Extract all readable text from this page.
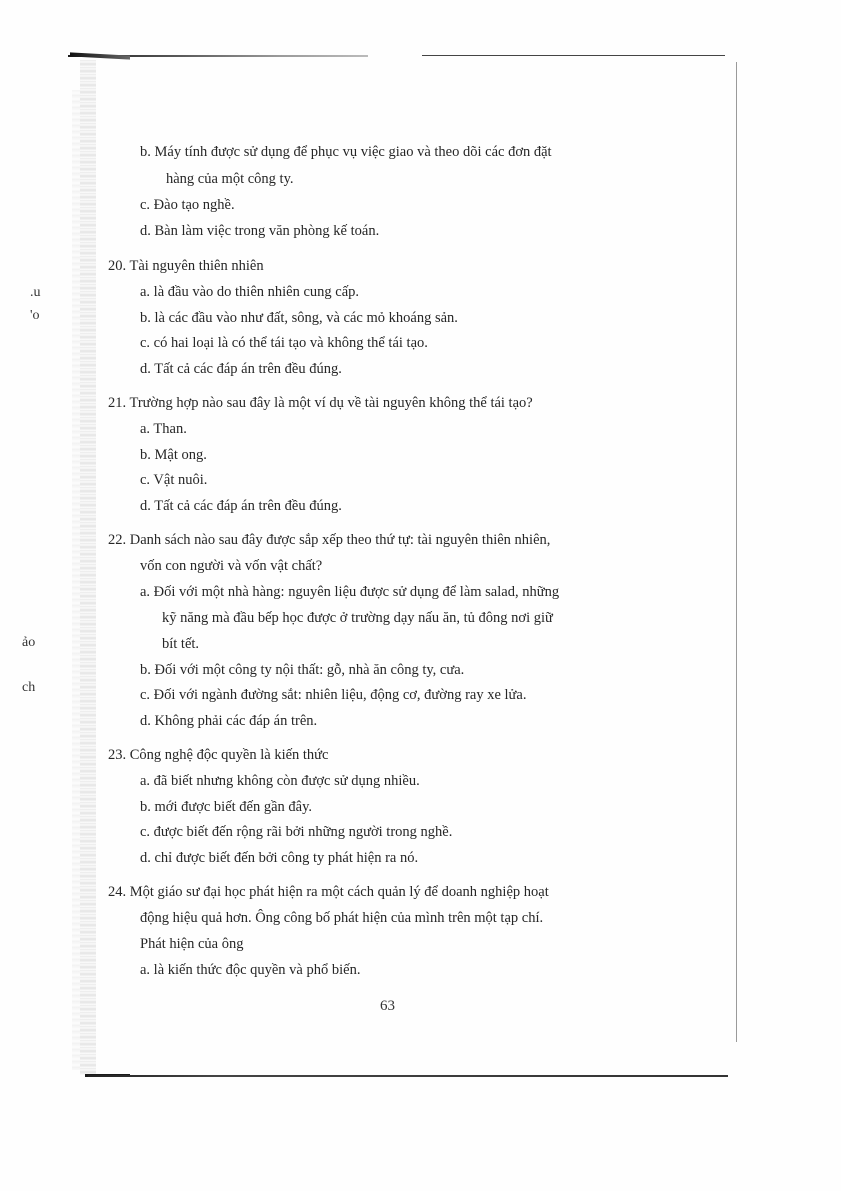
.u
'o
ảo
ch
b. Máy tính được sử dụng để phục vụ việc giao và theo dõi các đơn đặt
hàng của một công ty.
c. Đào tạo nghề.
d. Bàn làm việc trong văn phòng kế toán.
20. Tài nguyên thiên nhiên
a. là đầu vào do thiên nhiên cung cấp.
b. là các đầu vào như đất, sông, và các mỏ khoáng sản.
c. có hai loại là có thể tái tạo và không thể tái tạo.
d. Tất cả các đáp án trên đều đúng.
21. Trường hợp nào sau đây là một ví dụ về tài nguyên không thể tái tạo?
a. Than.
b. Mật ong.
c. Vật nuôi.
d. Tất cả các đáp án trên đều đúng.
22. Danh sách nào sau đây được sắp xếp theo thứ tự: tài nguyên thiên nhiên,
vốn con người và vốn vật chất?
a. Đối với một nhà hàng: nguyên liệu được sử dụng để làm salad, những
kỹ năng mà đầu bếp học được ở trường dạy nấu ăn, tủ đông nơi giữ
bít tết.
b. Đối với một công ty nội thất: gỗ, nhà ăn công ty, cưa.
c. Đối với ngành đường sắt: nhiên liệu, động cơ, đường ray xe lửa.
d. Không phải các đáp án trên.
23. Công nghệ độc quyền là kiến thức
a. đã biết nhưng không còn được sử dụng nhiều.
b. mới được biết đến gần đây.
c. được biết đến rộng rãi bởi những người trong nghề.
d. chỉ được biết đến bởi công ty phát hiện ra nó.
24. Một giáo sư đại học phát hiện ra một cách quản lý để doanh nghiệp hoạt
động hiệu quả hơn. Ông công bố phát hiện của mình trên một tạp chí.
Phát hiện của ông
a. là kiến thức độc quyền và phổ biến.
63
